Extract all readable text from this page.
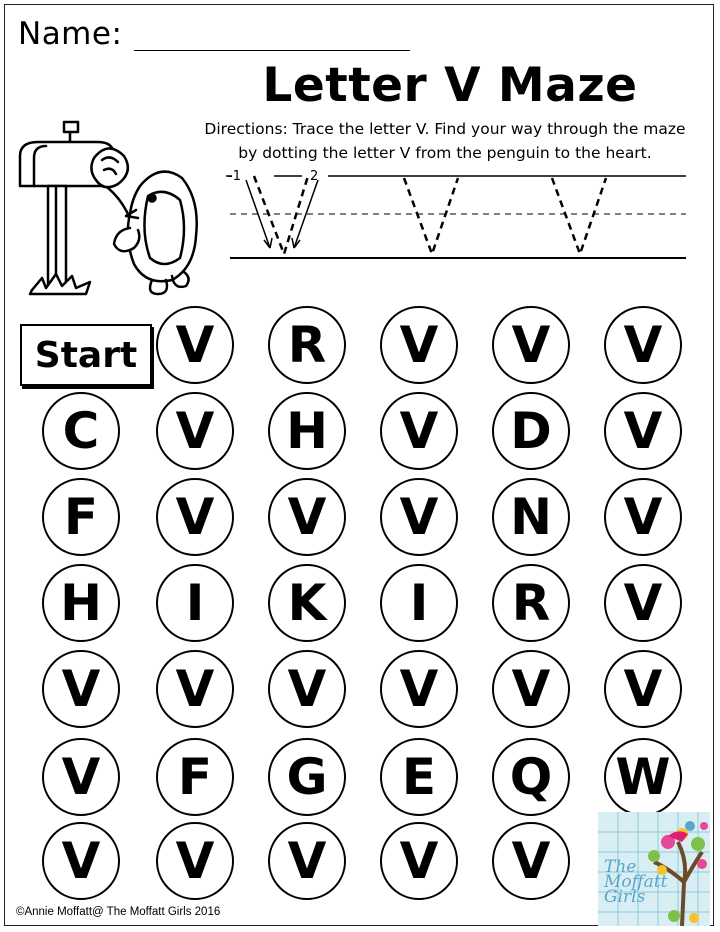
Name:
Letter V Maze
Directions: Trace the letter V. Find your way through the maze
by dotting the letter V from the penguin to the heart.
-1	2
Start V	R	V	V	V
C	V	H	V	D	V
F	V	V	V	N	V
H	I	K	I	R	V
V	V	V	V	V	V
V	F	G	E	Q	W
V	V	V	V	V
©Annie Moffatt@ The Moffatt Girls 2016
The
Moffatt
Girls
